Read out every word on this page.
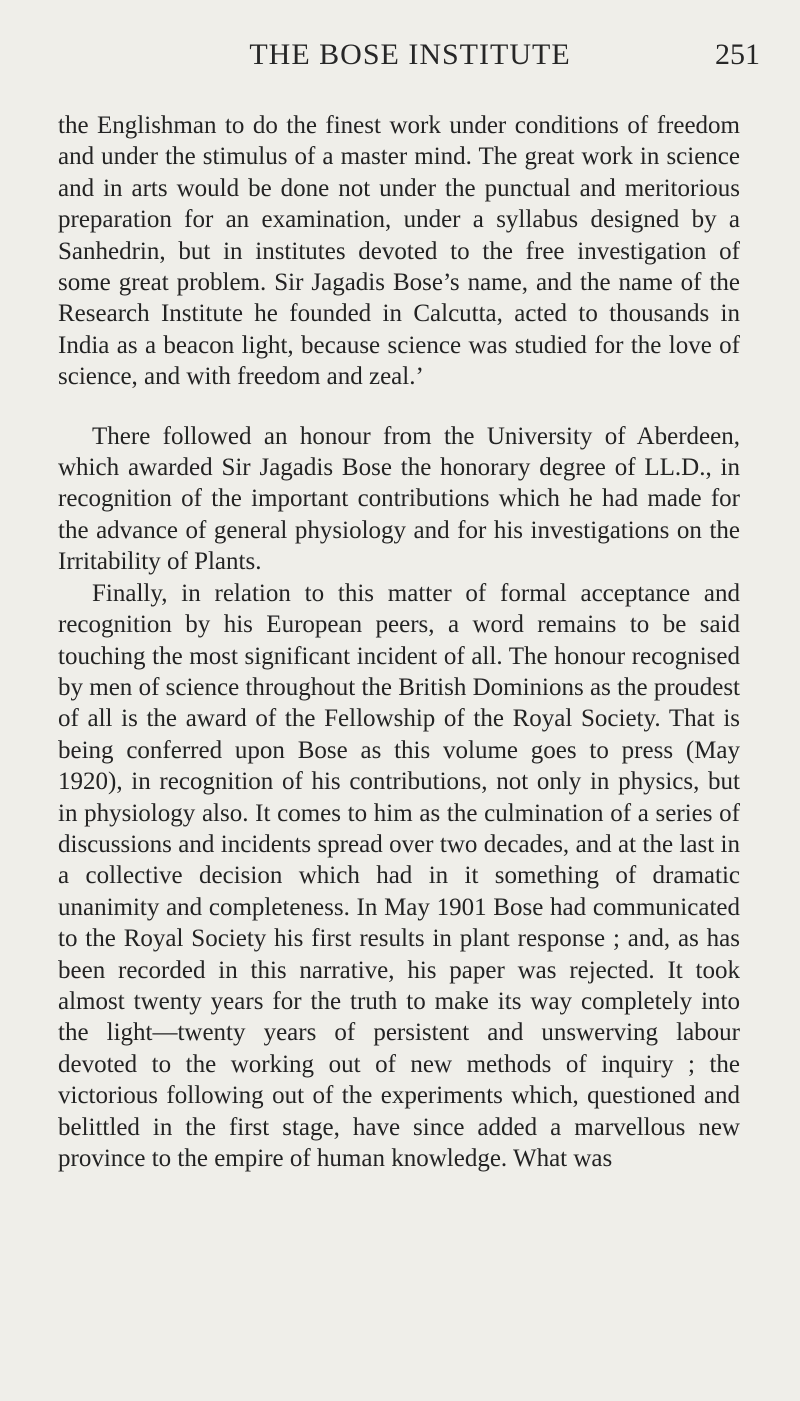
THE BOSE INSTITUTE	251

the Englishman to do the finest work under conditions of freedom and under the stimulus of a master mind. The great work in science and in arts would be done not under the punctual and meritorious preparation for an examination, under a syllabus designed by a Sanhedrin, but in institutes devoted to the free investigation of some great problem. Sir Jagadis Bose’s name, and the name of the Research Institute he founded in Calcutta, acted to thousands in India as a beacon light, because science was studied for the love of science, and with freedom and zeal.’

There followed an honour from the University of Aberdeen, which awarded Sir Jagadis Bose the honorary degree of LL.D., in recognition of the important contributions which he had made for the advance of general physiology and for his investigations on the Irritability of Plants.

Finally, in relation to this matter of formal acceptance and recognition by his European peers, a word remains to be said touching the most significant incident of all. The honour recognised by men of science throughout the British Dominions as the proudest of all is the award of the Fellowship of the Royal Society. That is being conferred upon Bose as this volume goes to press (May 1920), in recognition of his contributions, not only in physics, but in physiology also. It comes to him as the culmination of a series of discussions and incidents spread over two decades, and at the last in a collective decision which had in it something of dramatic unanimity and completeness. In May 1901 Bose had communicated to the Royal Society his first results in plant response ; and, as has been recorded in this narrative, his paper was rejected. It took almost twenty years for the truth to make its way completely into the light—twenty years of persistent and unswerving labour devoted to the working out of new methods of inquiry ; the victorious following out of the experiments which, questioned and belittled in the first stage, have since added a marvellous new province to the empire of human knowledge. What was
